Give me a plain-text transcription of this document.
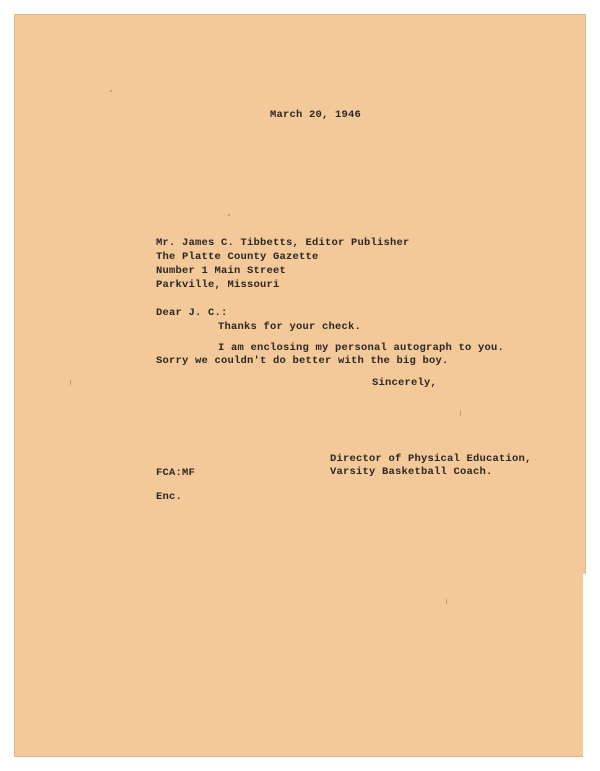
March 20, 1946

Mr. James C. Tibbetts, Editor Publisher

The Platte County Gazette

Number 1 Main Street

Parkville, Missouri

Dear J. C.:

Thanks for your check.

I am enclosing my personal autograph to you.

Sorry we couldn't do better with the big boy.

Sincerely,

Director of Physical Education,

Varsity Basketball Coach.

FCA:MF

Enc.
